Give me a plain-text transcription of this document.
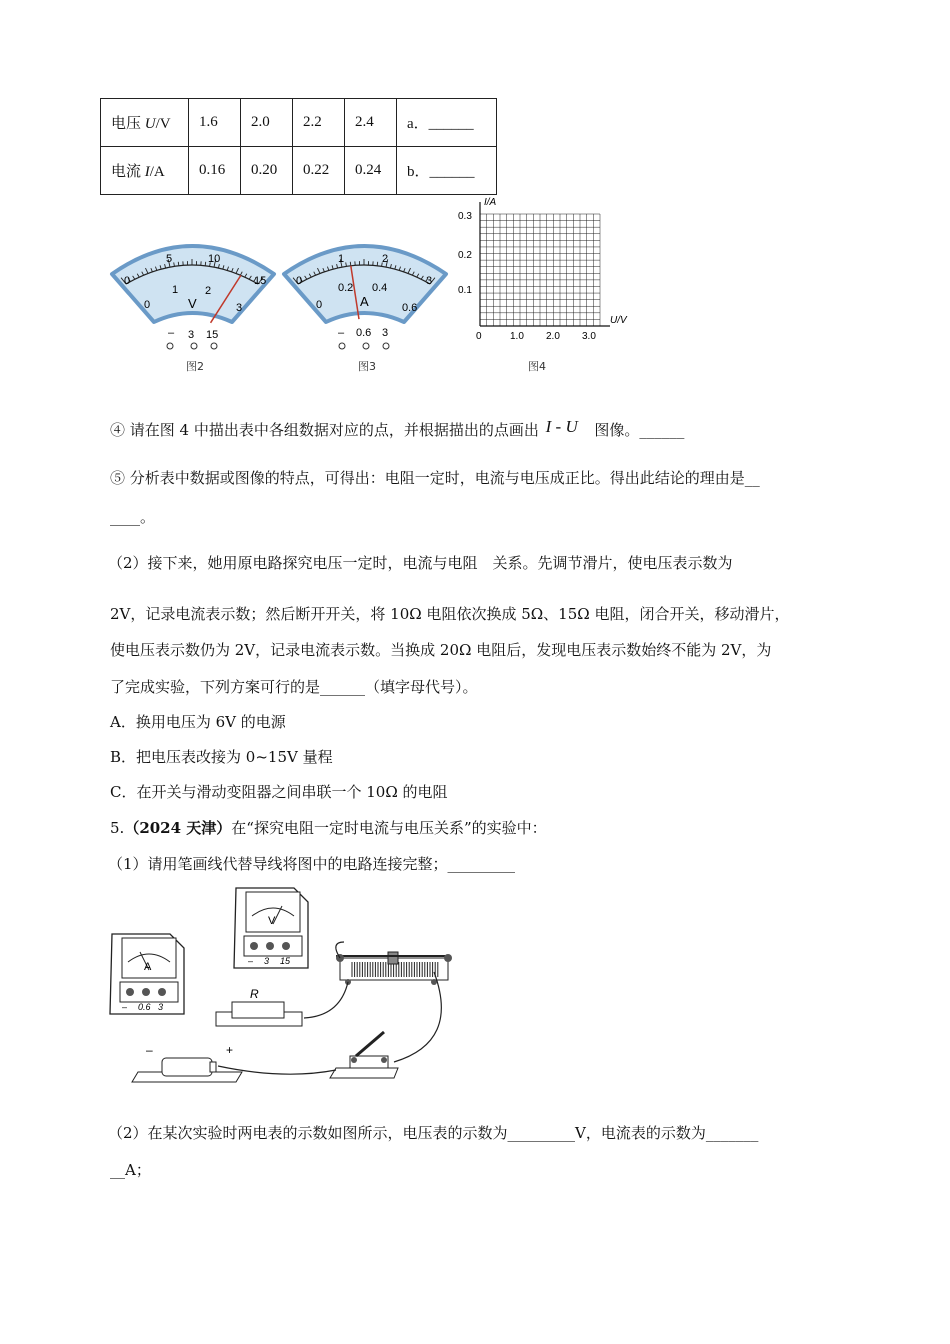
电压 U/V	1.6	2.0	2.2	2.4	a．______
电流 I/A	0.16	0.20	0.22	0.24	b．______
0
5	10
15
0
1 2
3
V
– 3 15
图2
0
1	2
3
0
0.2 0.4
0.6
A
– 0.6 3
图3
I/A
U/V
0.1
0.2
0.3
0	1.0 2.0 3.0
图4
④ 请在图 4 中描出表中各组数据对应的点，并根据描出的点画出 I - U 图像。______
⑤ 分析表中数据或图像的特点，可得出：电阻一定时，电流与电压成正比。得出此结论的理由是__
____。
（2）接下来，她用原电路探究电压一定时，电流与电阻　关系。先调节滑片，使电压表示数为
2V，记录电流表示数；然后断开开关，将 10Ω 电阻依次换成 5Ω、15Ω 电阻，闭合开关，移动滑片，
使电压表示数仍为 2V，记录电流表示数。当换成 20Ω 电阻后，发现电压表示数始终不能为 2V，为
了完成实验，下列方案可行的是______（填字母代号）。
A．换用电压为 6V 的电源
B．把电压表改接为 0~15V 量程
C．在开关与滑动变阻器之间串联一个 10Ω 的电阻
5.（2024 天津）在“探究电阻一定时电流与电压关系”的实验中：
（1）请用笔画线代替导线将图中的电路连接完整；_________
A
– 0.6 3
V
– 3 15
R
–	+
（2）在某次实验时两电表的示数如图所示，电压表的示数为_________V，电流表的示数为_______
__A；
